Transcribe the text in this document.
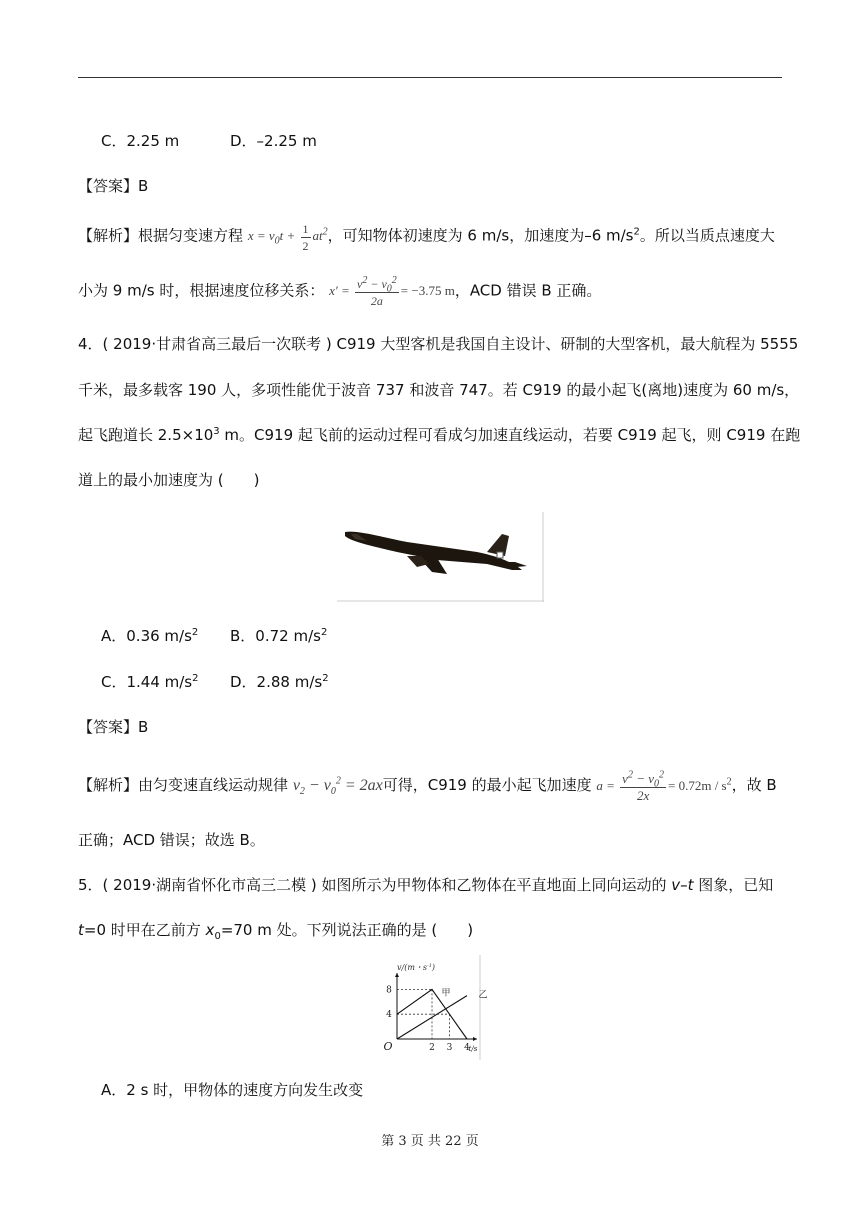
C．2.25 m	D．–2.25 m
【答案】B
【解析】根据匀变速方程 $x = v_0t + \frac{1}{2} at^2$，可知物体初速度为 6 m/s，加速度为–6 $m/s^2$。所以当质点速度大
小为 9 m/s 时，根据速度位移关系： $x' = \frac{v^2 - v_0^2}{2a} = -3.75$ m，ACD 错误 B 正确。
4．( 2019·甘肃省高三最后一次联考 ) C919 大型客机是我国自主设计、研制的大型客机，最大航程为 5555
千米，最多载客 190 人，多项性能优于波音 737 和波音 747。若 C919 的最小起飞(离地)速度为 60 m/s，
起飞跑道长 $2.5\times 10^3$ m。C919 起飞前的运动过程可看成匀加速直线运动，若要 C919 起飞，则 C919 在跑
道上的最小加速度为 (　　)
A．0.36 $m/s^2$ B．0.72 $m/s^2$
C．1.44 $m/s^2$ D．2.88 $m/s^2$
【答案】B
【解析】由匀变速直线运动规律 $v_2 - v_0^2 = 2ax$可得，C919 的最小起飞加速度 $a = \frac{v^2 - v_0^2}{2x} = 0.72m / s^2$，故 B
正确；ACD 错误；故选 B。
5．( 2019·湖南省怀化市高三二模 ) 如图所示为甲物体和乙物体在平直地面上同向运动的 v–t 图象，已知
t=0 时甲在乙前方 $x_0=70$ m 处。下列说法正确的是 (　　)
v/(m・$s^{-1}$)
8
4
2 3 4
O	t/s
甲	乙
A．2 s 时，甲物体的速度方向发生改变
第 3 页 共 22 页
